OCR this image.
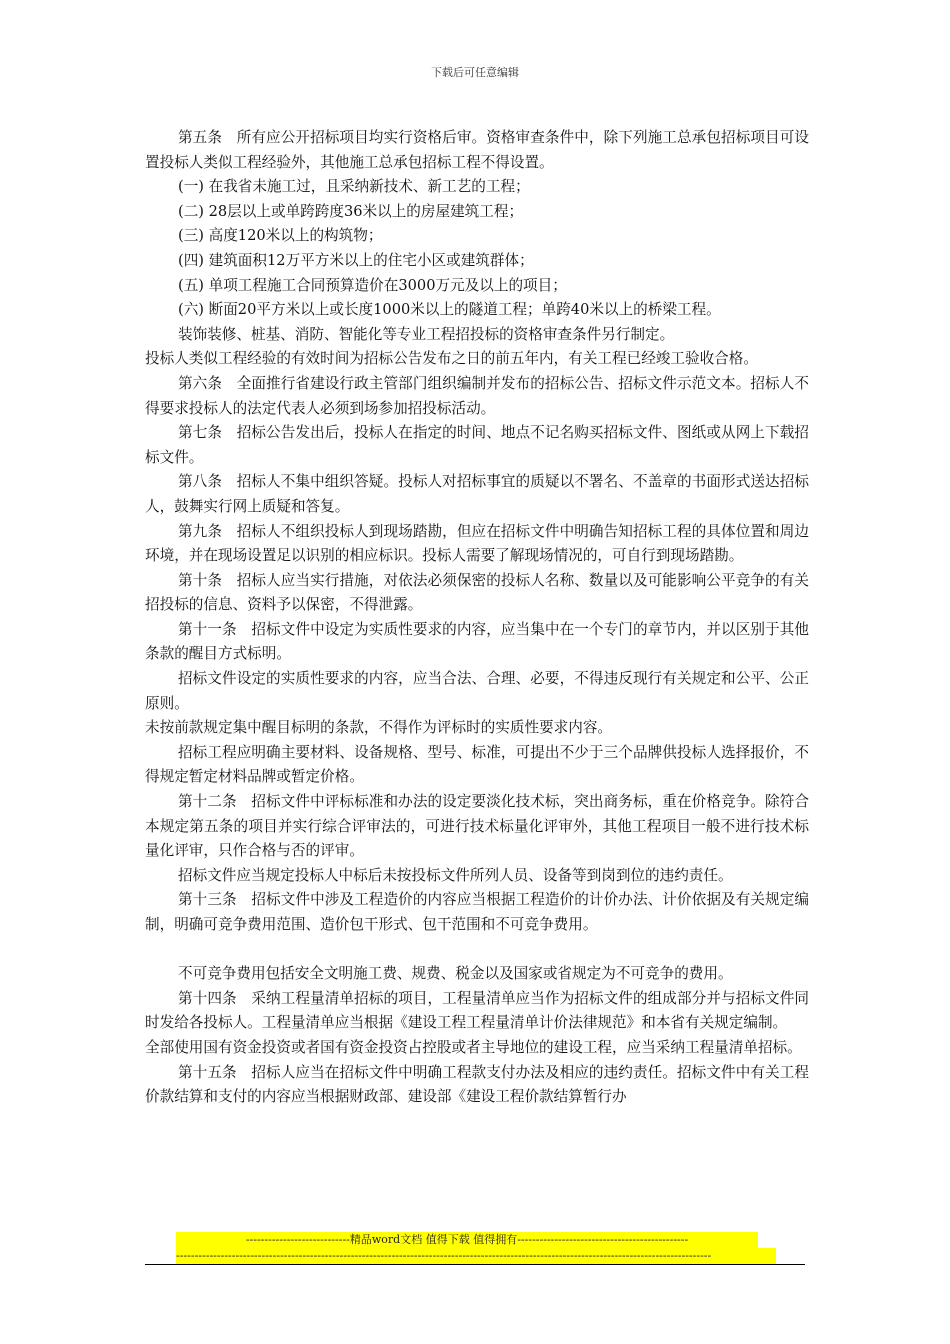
下载后可任意编辑

第五条　所有应公开招标项目均实行资格后审。资格审查条件中，除下列施工总承包招标项目可设置投标人类似工程经验外，其他施工总承包招标工程不得设置。

(一) 在我省未施工过，且采纳新技术、新工艺的工程；

(二) 28层以上或单跨跨度36米以上的房屋建筑工程；

(三) 高度120米以上的构筑物；

(四) 建筑面积12万平方米以上的住宅小区或建筑群体；

(五) 单项工程施工合同预算造价在3000万元及以上的项目；

(六) 断面20平方米以上或长度1000米以上的隧道工程；单跨40米以上的桥梁工程。

装饰装修、桩基、消防、智能化等专业工程招投标的资格审查条件另行制定。

投标人类似工程经验的有效时间为招标公告发布之日的前五年内，有关工程已经竣工验收合格。

第六条　全面推行省建设行政主管部门组织编制并发布的招标公告、招标文件示范文本。招标人不得要求投标人的法定代表人必须到场参加招投标活动。

第七条　招标公告发出后，投标人在指定的时间、地点不记名购买招标文件、图纸或从网上下载招标文件。

第八条　招标人不集中组织答疑。投标人对招标事宜的质疑以不署名、不盖章的书面形式送达招标人，鼓舞实行网上质疑和答复。

第九条　招标人不组织投标人到现场踏勘，但应在招标文件中明确告知招标工程的具体位置和周边环境，并在现场设置足以识别的相应标识。投标人需要了解现场情况的，可自行到现场踏勘。

第十条　招标人应当实行措施，对依法必须保密的投标人名称、数量以及可能影响公平竞争的有关招投标的信息、资料予以保密，不得泄露。

第十一条　招标文件中设定为实质性要求的内容，应当集中在一个专门的章节内，并以区别于其他条款的醒目方式标明。

招标文件设定的实质性要求的内容，应当合法、合理、必要，不得违反现行有关规定和公平、公正原则。

未按前款规定集中醒目标明的条款，不得作为评标时的实质性要求内容。

招标工程应明确主要材料、设备规格、型号、标准，可提出不少于三个品牌供投标人选择报价，不得规定暂定材料品牌或暂定价格。

第十二条　招标文件中评标标准和办法的设定要淡化技术标，突出商务标，重在价格竞争。除符合本规定第五条的项目并实行综合评审法的，可进行技术标量化评审外，其他工程项目一般不进行技术标量化评审，只作合格与否的评审。

招标文件应当规定投标人中标后未按投标文件所列人员、设备等到岗到位的违约责任。

第十三条　招标文件中涉及工程造价的内容应当根据工程造价的计价办法、计价依据及有关规定编制，明确可竞争费用范围、造价包干形式、包干范围和不可竞争费用。

不可竞争费用包括安全文明施工费、规费、税金以及国家或省规定为不可竞争的费用。

第十四条　采纳工程量清单招标的项目，工程量清单应当作为招标文件的组成部分并与招标文件同时发给各投标人。工程量清单应当根据《建设工程工程量清单计价法律规范》和本省有关规定编制。

全部使用国有资金投资或者国有资金投资占控股或者主导地位的建设工程，应当采纳工程量清单招标。

第十五条　招标人应当在招标文件中明确工程款支付办法及相应的违约责任。招标文件中有关工程价款结算和支付的内容应当根据财政部、建设部《建设工程价款结算暂行办

----------------------------精品word文档 值得下载 值得拥有----------------------------------------------
------------------------------------------------------------------------------------------------------------------------------------------------
